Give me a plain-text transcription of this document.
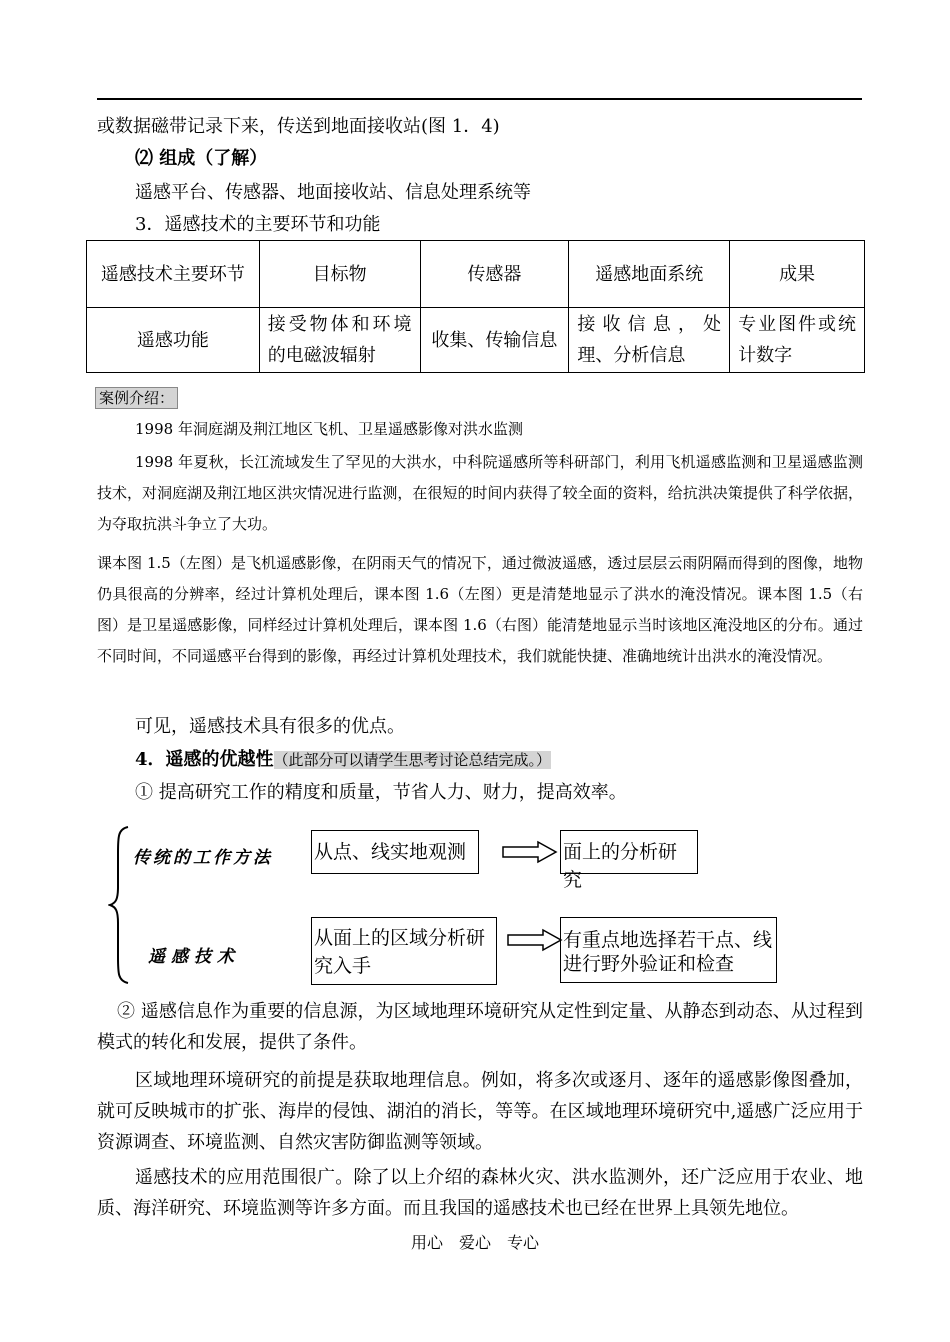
或数据磁带记录下来，传送到地面接收站(图 1．4)
⑵ 组成（了解）
遥感平台、传感器、地面接收站、信息处理系统等
3．遥感技术的主要环节和功能
遥感技术主要环节	目标物	传感器	遥感地面系统	成果
遥感功能	接受物体和环境的电磁波辐射	收集、传输信息	接收信息，处理、分析信息	专业图件或统计数字
案例介绍：
1998 年洞庭湖及荆江地区飞机、卫星遥感影像对洪水监测
1998 年夏秋，长江流域发生了罕见的大洪水，中科院遥感所等科研部门，利用飞机遥感监测和卫星遥感监测技术，对洞庭湖及荆江地区洪灾情况进行监测，在很短的时间内获得了较全面的资料，给抗洪决策提供了科学依据，为夺取抗洪斗争立了大功。
课本图 1.5（左图）是飞机遥感影像，在阴雨天气的情况下，通过微波遥感，透过层层云雨阴隔而得到的图像，地物仍具很高的分辨率，经过计算机处理后，课本图 1.6（左图）更是清楚地显示了洪水的淹没情况。课本图 1.5（右图）是卫星遥感影像，同样经过计算机处理后，课本图 1.6（右图）能清楚地显示当时该地区淹没地区的分布。通过不同时间，不同遥感平台得到的影像，再经过计算机处理技术，我们就能快捷、准确地统计出洪水的淹没情况。
可见，遥感技术具有很多的优点。
4．遥感的优越性（此部分可以请学生思考讨论总结完成。）
① 提高研究工作的精度和质量，节省人力、财力，提高效率。
传统的工作方法
遥感技术
从点、线实地观测	面上的分析研究
从面上的区域分析研究入手
有重点地选择若干点、线进行野外验证和检查
② 遥感信息作为重要的信息源，为区域地理环境研究从定性到定量、从静态到动态、从过程到模式的转化和发展，提供了条件。
区域地理环境研究的前提是获取地理信息。例如，将多次或逐月、逐年的遥感影像图叠加，就可反映城市的扩张、海岸的侵蚀、湖泊的消长，等等。在区域地理环境研究中,遥感广泛应用于资源调查、环境监测、自然灾害防御监测等领域。
遥感技术的应用范围很广。除了以上介绍的森林火灾、洪水监测外，还广泛应用于农业、地质、海洋研究、环境监测等许多方面。而且我国的遥感技术也已经在世界上具领先地位。
用心　爱心　专心
